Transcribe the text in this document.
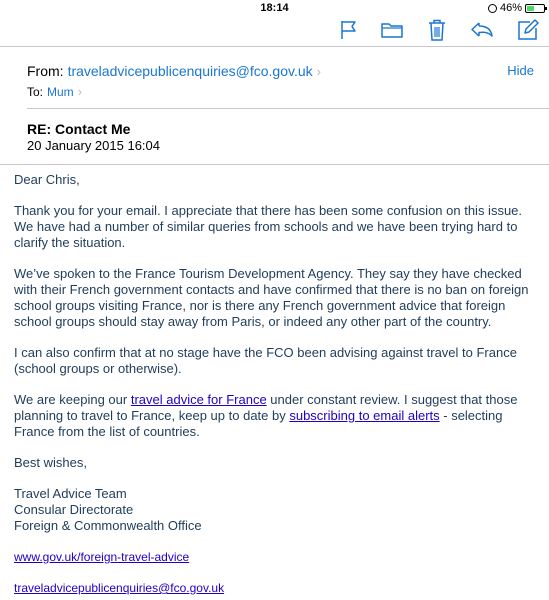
18:14	46%
From: traveladvicepublicenquiries@fco.gov.uk ›	Hide
To: Mum ›
RE: Contact Me
20 January 2015 16:04

Dear Chris,

Thank you for your email. I appreciate that there has been some confusion on this issue. We have had a number of similar queries from schools and we have been trying hard to clarify the situation.

We’ve spoken to the France Tourism Development Agency. They say they have checked with their French government contacts and have confirmed that there is no ban on foreign school groups visiting France, nor is there any French government advice that foreign school groups should stay away from Paris, or indeed any other part of the country.

I can also confirm that at no stage have the FCO been advising against travel to France (school groups or otherwise).

We are keeping our travel advice for France under constant review. I suggest that those planning to travel to France, keep up to date by subscribing to email alerts - selecting France from the list of countries.

Best wishes,

Travel Advice Team
Consular Directorate
Foreign & Commonwealth Office

www.gov.uk/foreign-travel-advice

traveladvicepublicenquiries@fco.gov.uk
